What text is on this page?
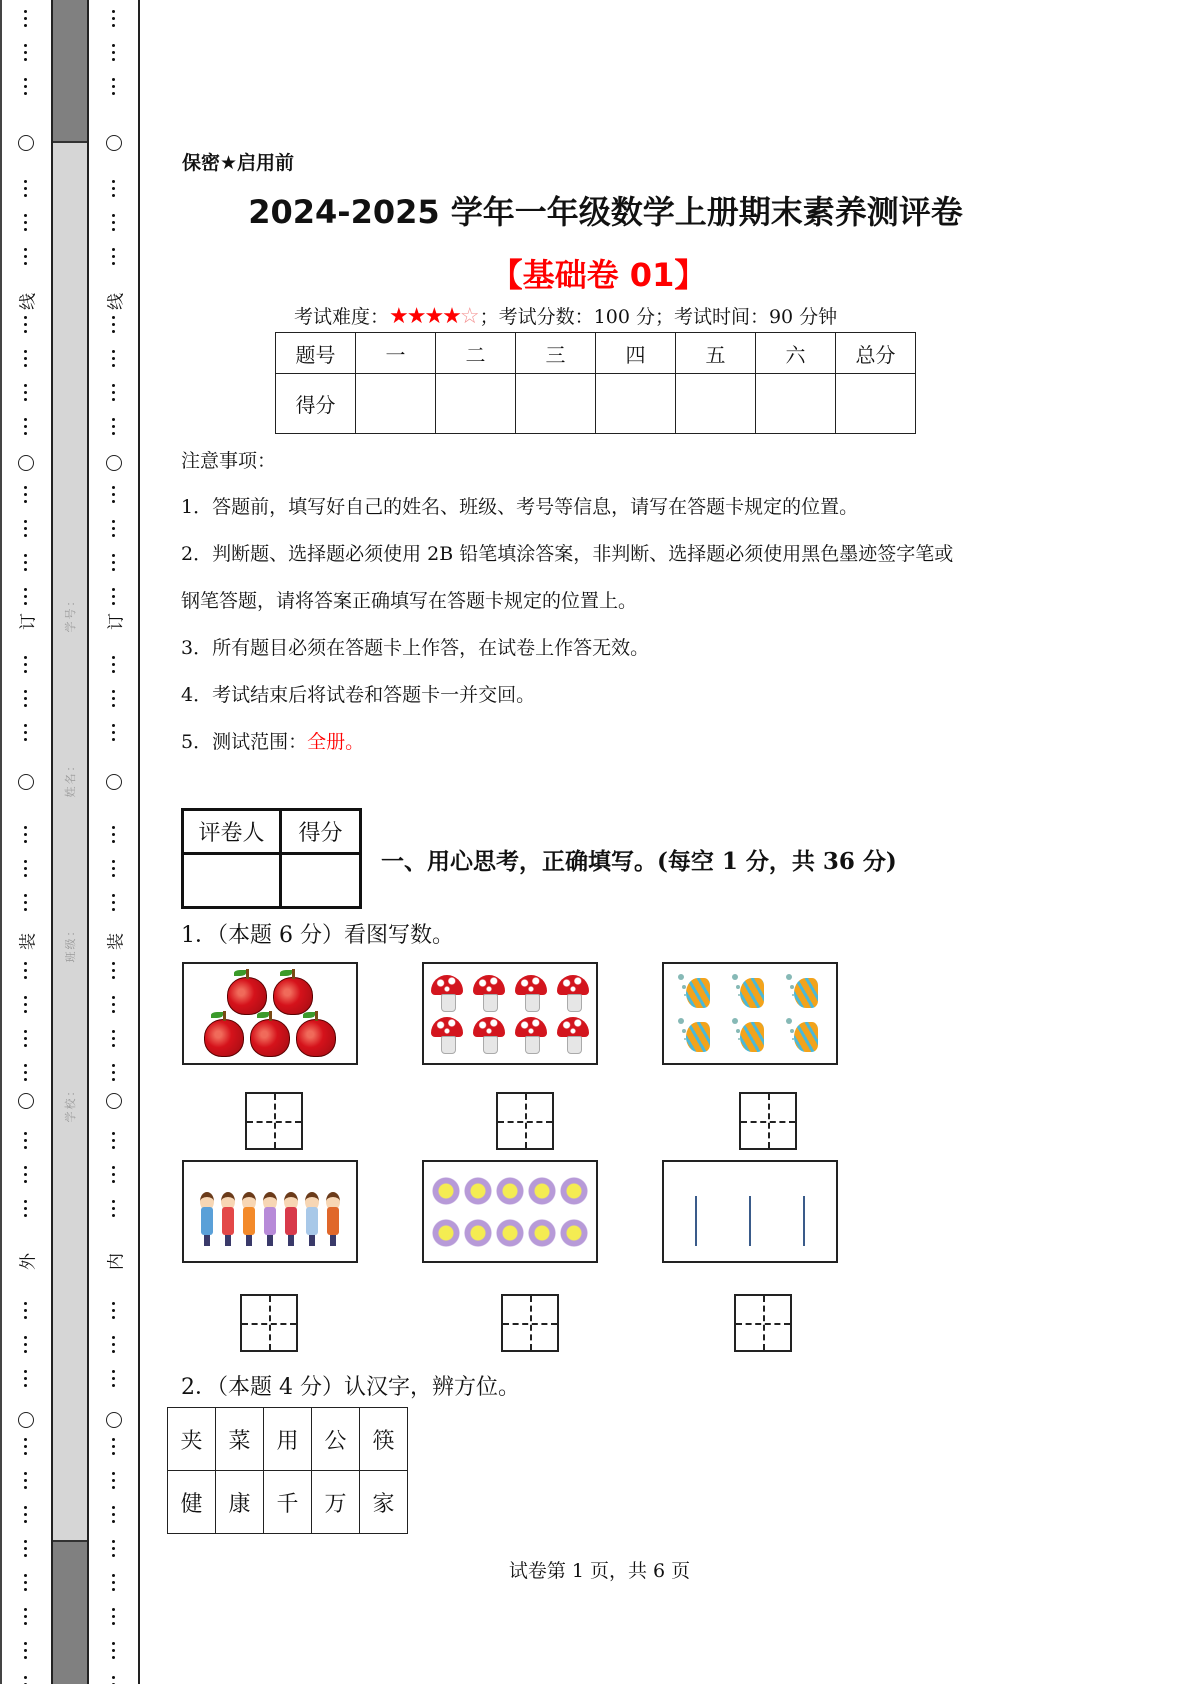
线
订
装
外
学号：
姓名：
班级：
学校：
线
订
装
内
保密★启用前
2024-2025 学年一年级数学上册期末素养测评卷
【基础卷 01】
考试难度：★★★★☆；考试分数：100 分；考试时间：90 分钟
题号	一	二	三	四	五	六	总分
得分							
注意事项：
1．答题前，填写好自己的姓名、班级、考号等信息，请写在答题卡规定的位置。
2．判断题、选择题必须使用 2B 铅笔填涂答案，非判断、选择题必须使用黑色墨迹签字笔或
钢笔答题，请将答案正确填写在答题卡规定的位置上。
3．所有题目必须在答题卡上作答，在试卷上作答无效。
4．考试结束后将试卷和答题卡一并交回。
5．测试范围：全册。
评卷人	得分

一、用心思考，正确填写。(每空 1 分，共 36 分)
1．（本题 6 分）看图写数。
2．（本题 4 分）认汉字，辨方位。
夹	菜	用	公	筷
健	康	千	万	家
试卷第 1 页，共 6 页
